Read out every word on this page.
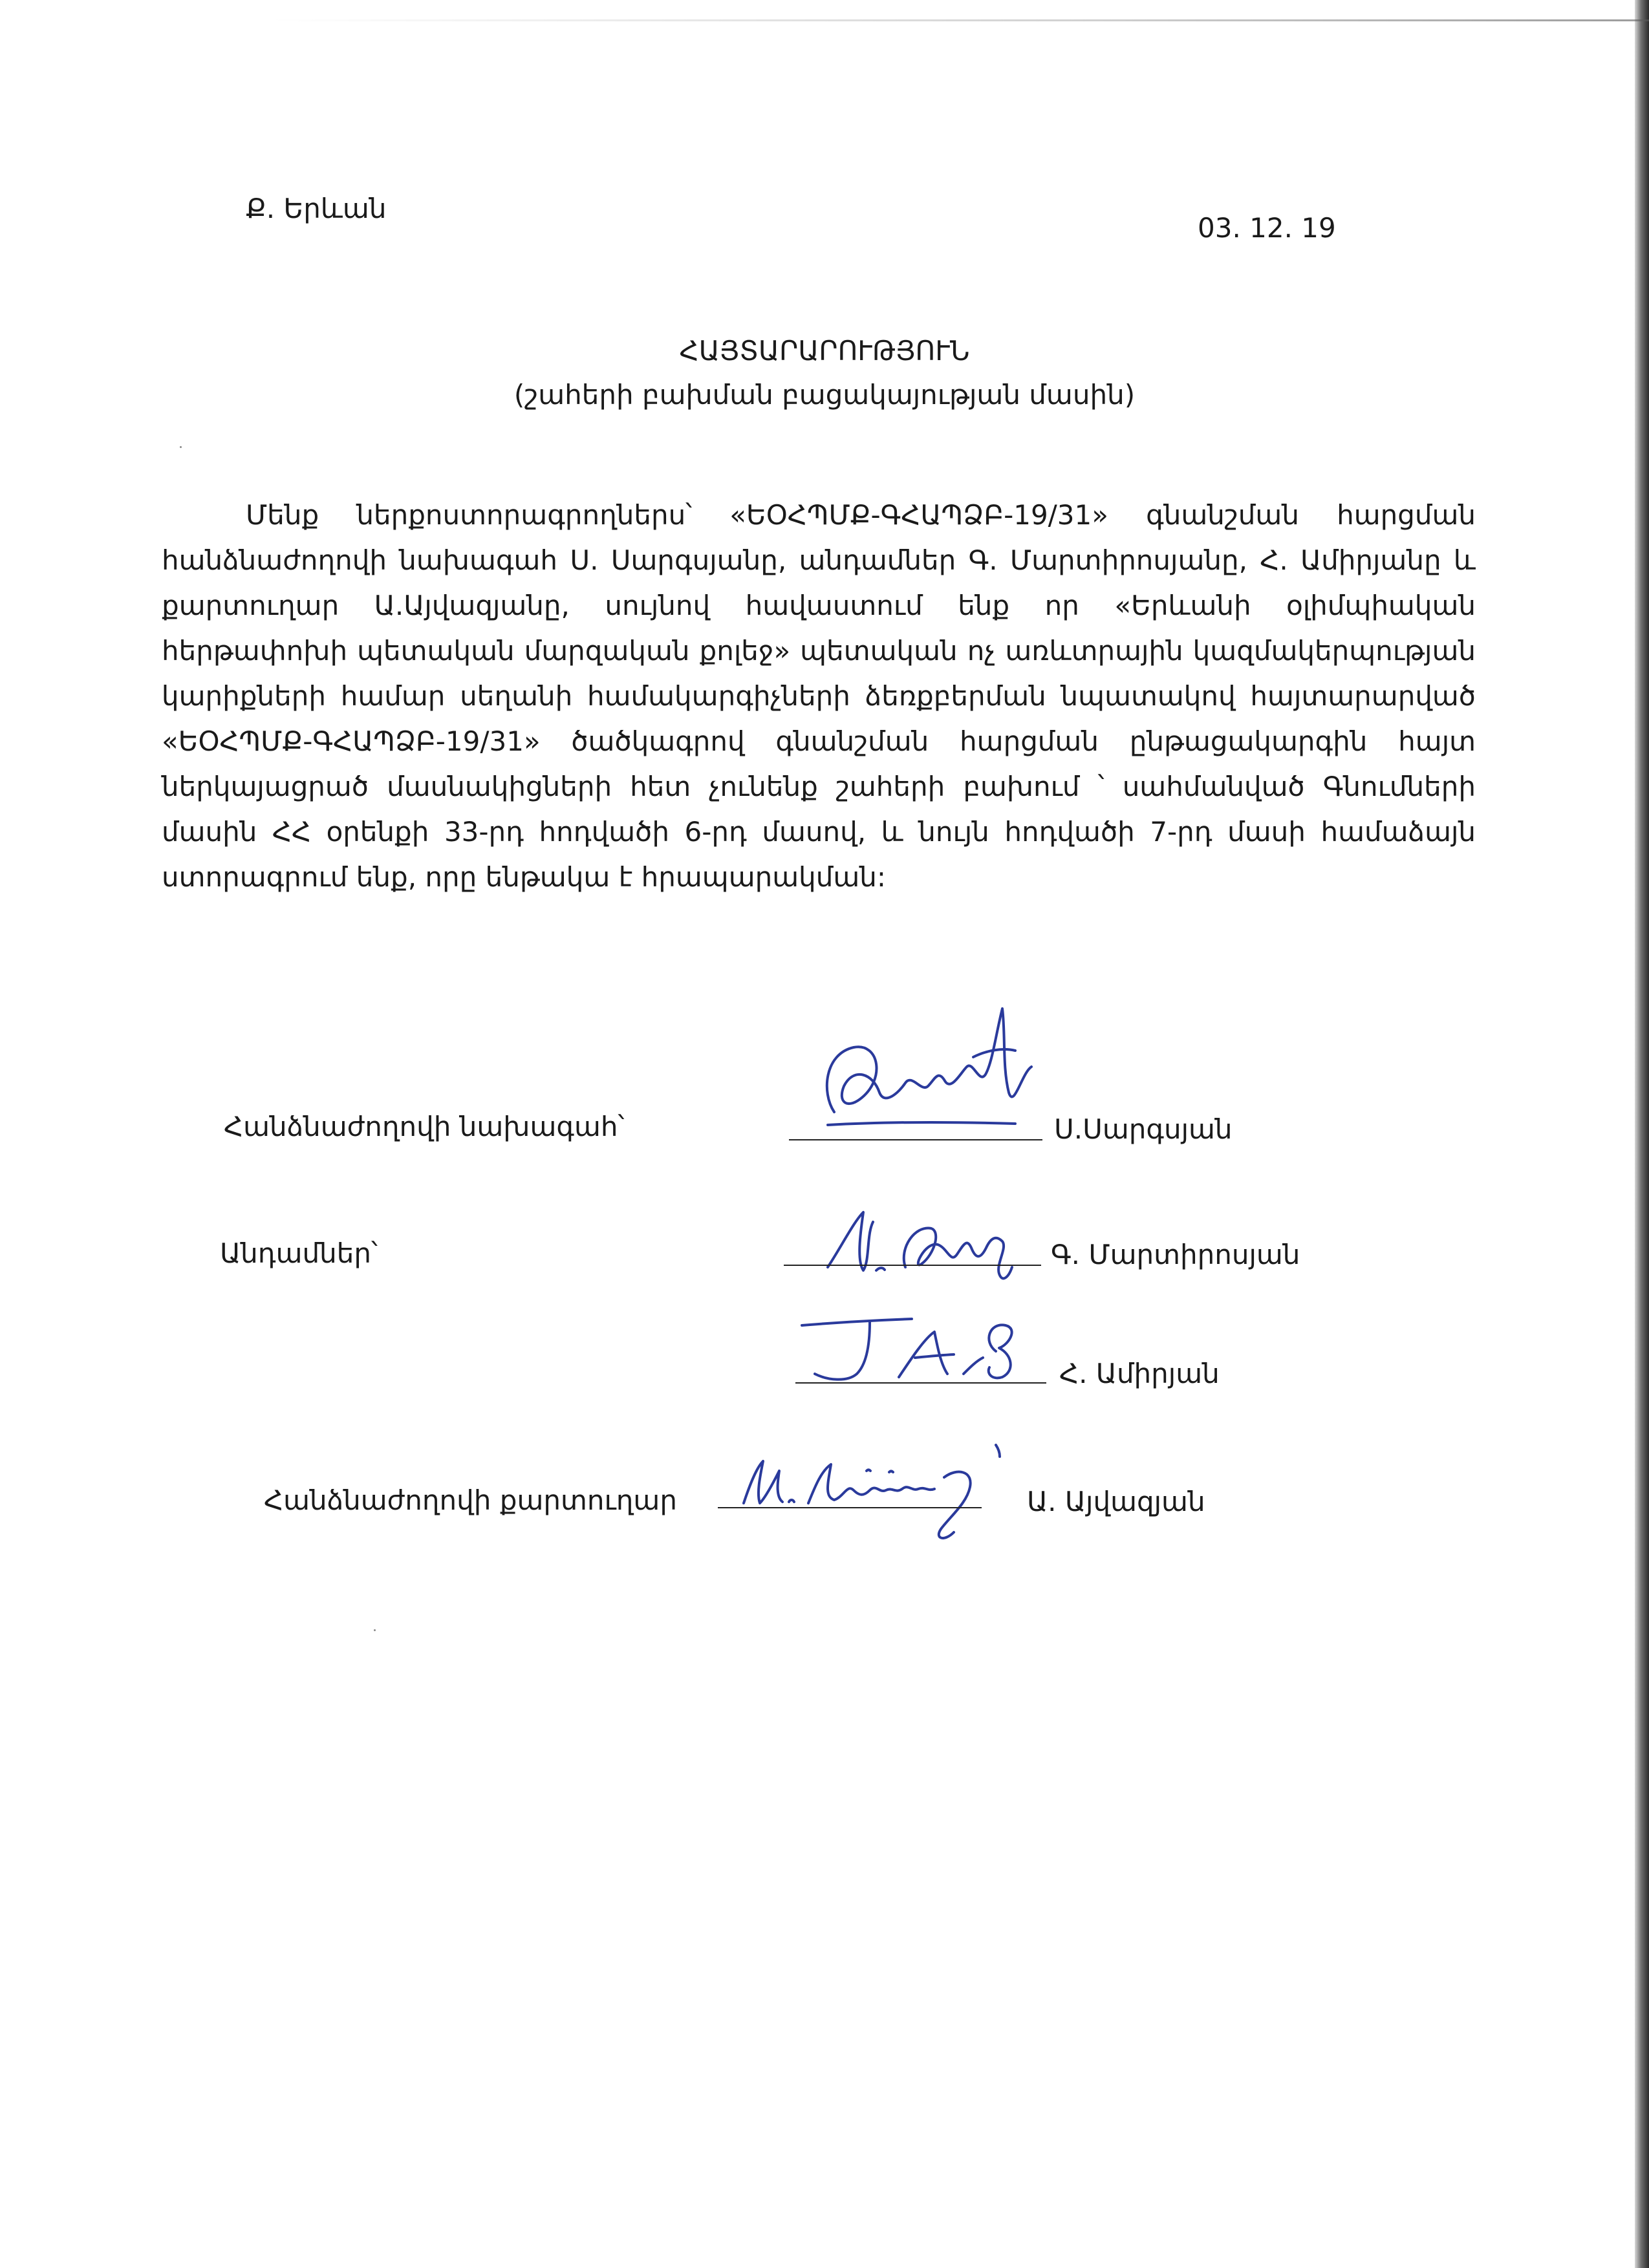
Ք. Երևան
03. 12. 19
ՀԱՅՏԱՐԱՐՈՒԹՅՈՒՆ
(շահերի բախման բացակայության մասին)
Մենք ներքոստորագրողներս՝ «ԵՕՀՊՄՔ-ԳՀԱՊՁԲ-19/31» գնանշման հարցման հանձնաժողովի նախագահ Ս. Սարգսյանը, անդամներ Գ. Մարտիրոսյանը, Հ. Ամիրյանը և քարտուղար Ա.Այվազյանը, սույնով հավաստում ենք որ «Երևանի օլիմպիական հերթափոխի պետական մարզական քոլեջ» պետական ոչ առևտրային կազմակերպության կարիքների համար սեղանի համակարգիչների ձեռքբերման նպատակով հայտարարված «ԵՕՀՊՄՔ-ԳՀԱՊՁԲ-19/31» ծածկագրով գնանշման հարցման ընթացակարգին հայտ ներկայացրած մասնակիցների հետ չունենք շահերի բախում ՝ սահմանված Գնումների մասին ՀՀ օրենքի 33-րդ հոդվածի 6-րդ մասով, և նույն հոդվածի 7-րդ մասի համաձայն ստորագրում ենք, որը ենթակա է հրապարակման:
Հանձնաժողովի նախագահ՝	Ս.Սարգսյան
Անդամներ՝	Գ. Մարտիրոսյան
Հ. Ամիրյան
Հանձնաժողովի քարտուղար	Ա. Այվազյան
